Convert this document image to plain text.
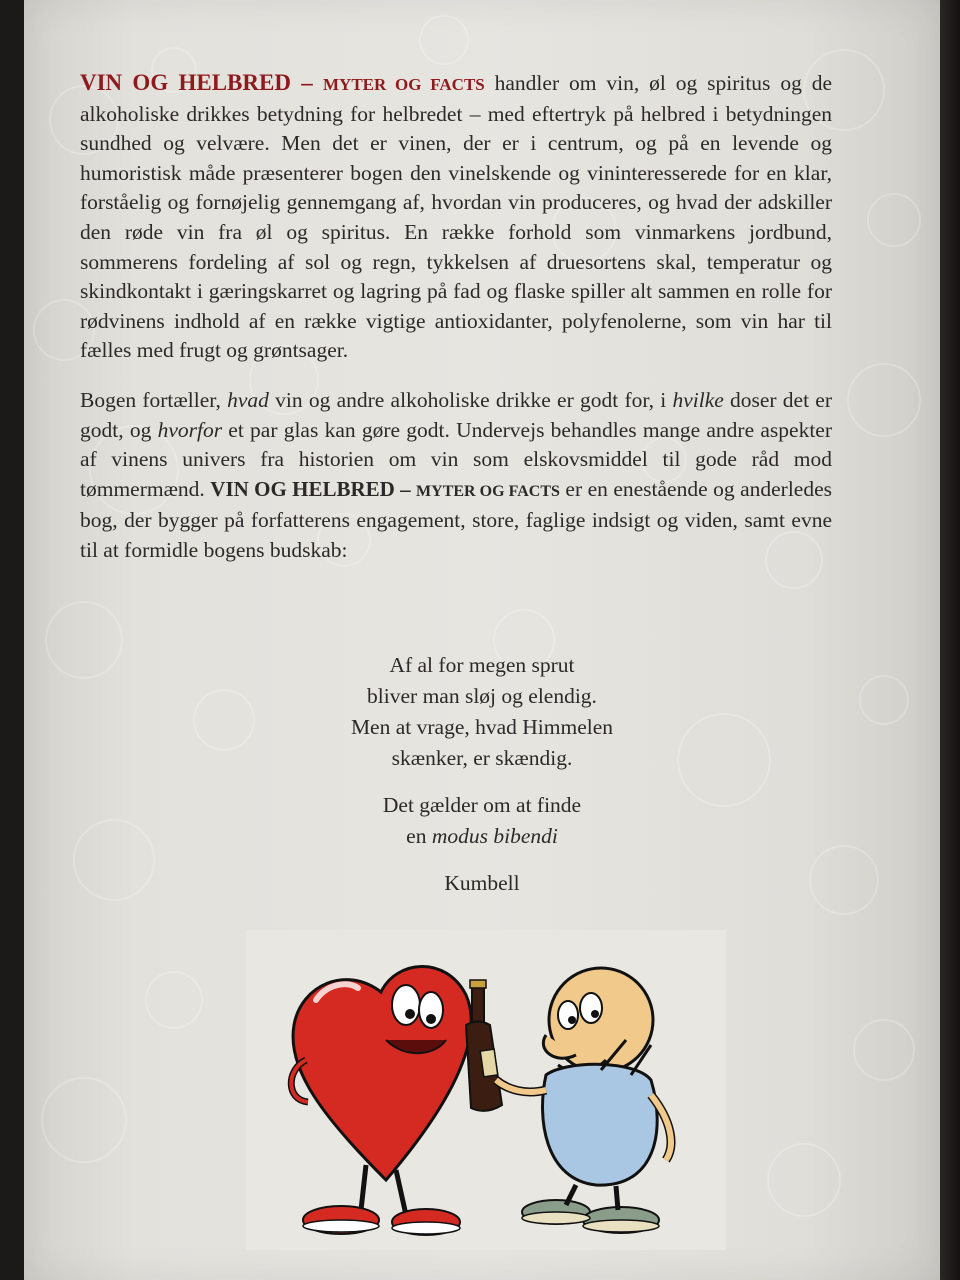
VIN OG HELBRED – MYTER OG FACTS handler om vin, øl og spiritus og de alkoholiske drikkes betydning for helbredet – med eftertryk på helbred i betydningen sundhed og velvære. Men det er vinen, der er i centrum, og på en levende og humoristisk måde præsenterer bogen den vinelskende og vininteresserede for en klar, forståelig og fornøjelig gennemgang af, hvordan vin produceres, og hvad der adskiller den røde vin fra øl og spiritus. En række forhold som vinmarkens jordbund, sommerens fordeling af sol og regn, tykkelsen af druesortens skal, temperatur og skindkontakt i gæringskarret og lagring på fad og flaske spiller alt sammen en rolle for rødvinens indhold af en række vigtige antioxidanter, polyfenolerne, som vin har til fælles med frugt og grøntsager.

Bogen fortæller, hvad vin og andre alkoholiske drikke er godt for, i hvilke doser det er godt, og hvorfor et par glas kan gøre godt. Undervejs behandles mange andre aspekter af vinens univers fra historien om vin som elskovsmiddel til gode råd mod tømmermænd. VIN OG HELBRED – MYTER OG FACTS er en enestående og anderledes bog, der bygger på forfatterens engagement, store, faglige indsigt og viden, samt evne til at formidle bogens budskab:

Af al for megen sprut
bliver man sløj og elendig.
Men at vrage, hvad Himmelen
skænker, er skændig.
Det gælder om at finde
en modus bibendi
Kumbell
